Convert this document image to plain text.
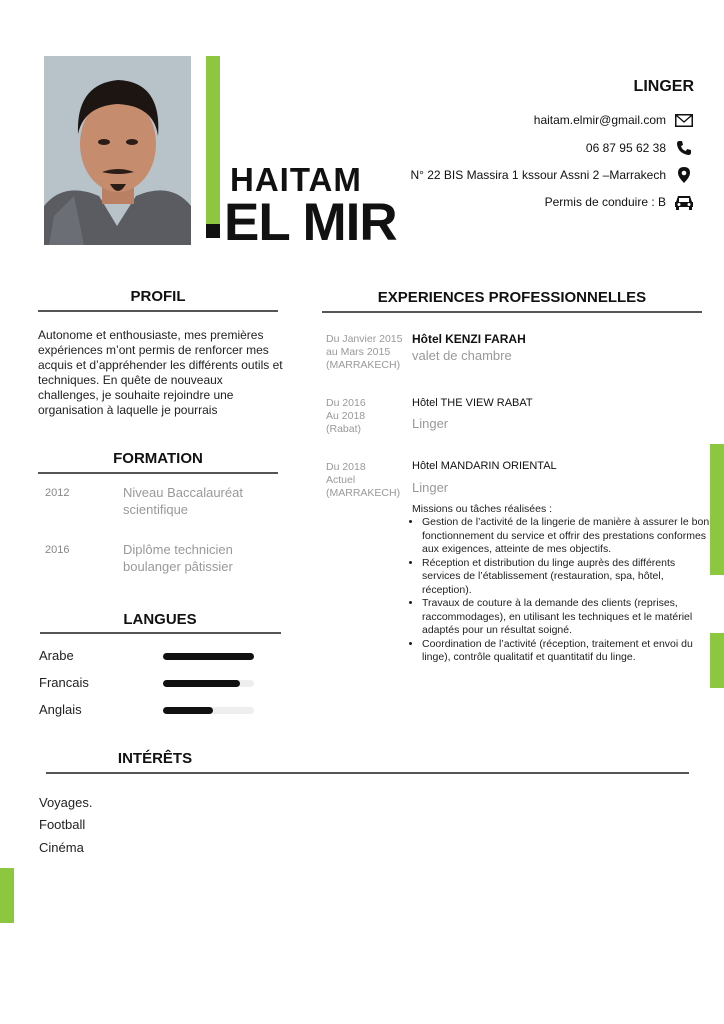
HAITAM
EL MIR
LINGER
haitam.elmir@gmail.com
06 87 95 62 38
N° 22 BIS Massira 1 kssour Assni 2 –Marrakech
Permis de conduire : B
PROFIL
Autonome et enthousiaste, mes premières expériences m’ont permis de renforcer mes acquis et d’appréhender les différents outils et techniques. En quête de nouveaux challenges, je souhaite rejoindre une organisation à laquelle je pourrais
FORMATION
2012	Niveau Baccalauréat
scientifique
2016	Diplôme technicien
boulanger pâtissier
LANGUES
Arabe
Francais
Anglais
INTÉRÊTS
Voyages.
Football
Cinéma
EXPERIENCES PROFESSIONNELLES
Du Janvier 2015
au Mars 2015
(MARRAKECH)
Hôtel KENZI FARAH
valet de chambre
Du 2016
Au 2018
(Rabat)
Hôtel THE VIEW RABAT
Linger
Du 2018
Actuel
(MARRAKECH)
Hôtel MANDARIN ORIENTAL
Linger
Missions ou tâches réalisées :
• Gestion de l’activité de la lingerie de manière à assurer le bon fonctionnement du service et offrir des prestations conformes aux exigences, atteinte de mes objectifs.
• Réception et distribution du linge auprès des différents services de l’établissement (restauration, spa, hôtel, réception).
• Travaux de couture à la demande des clients (reprises, raccommodages), en utilisant les techniques et le matériel adaptés pour un résultat soigné.
• Coordination de l’activité (réception, traitement et envoi du linge), contrôle qualitatif et quantitatif du linge.
